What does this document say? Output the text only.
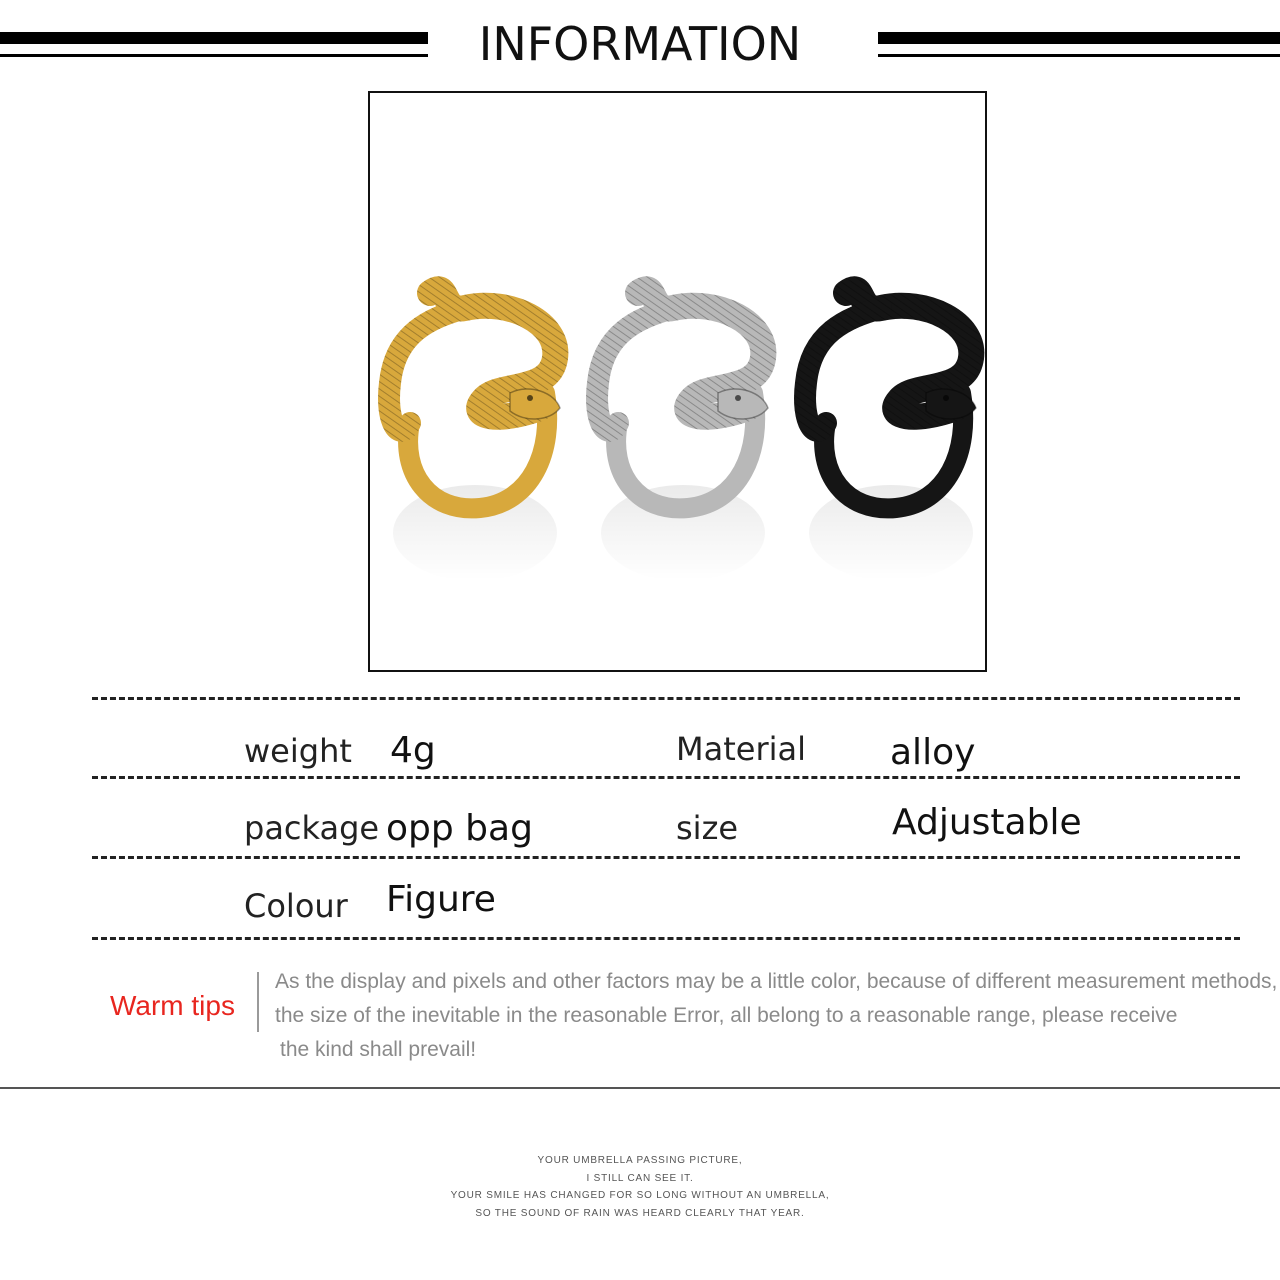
INFORMATION
weight 4g	Material alloy
package opp bag	size	Adjustable
Colour Figure
Warm tips
As the display and pixels and other factors may be a little color, because of different measurement methods,
the size of the inevitable in the reasonable Error, all belong to a reasonable range, please receive
the kind shall prevail!
YOUR UMBRELLA PASSING PICTURE,
I STILL CAN SEE IT.
YOUR SMILE HAS CHANGED FOR SO LONG WITHOUT AN UMBRELLA,
SO THE SOUND OF RAIN WAS HEARD CLEARLY THAT YEAR.
